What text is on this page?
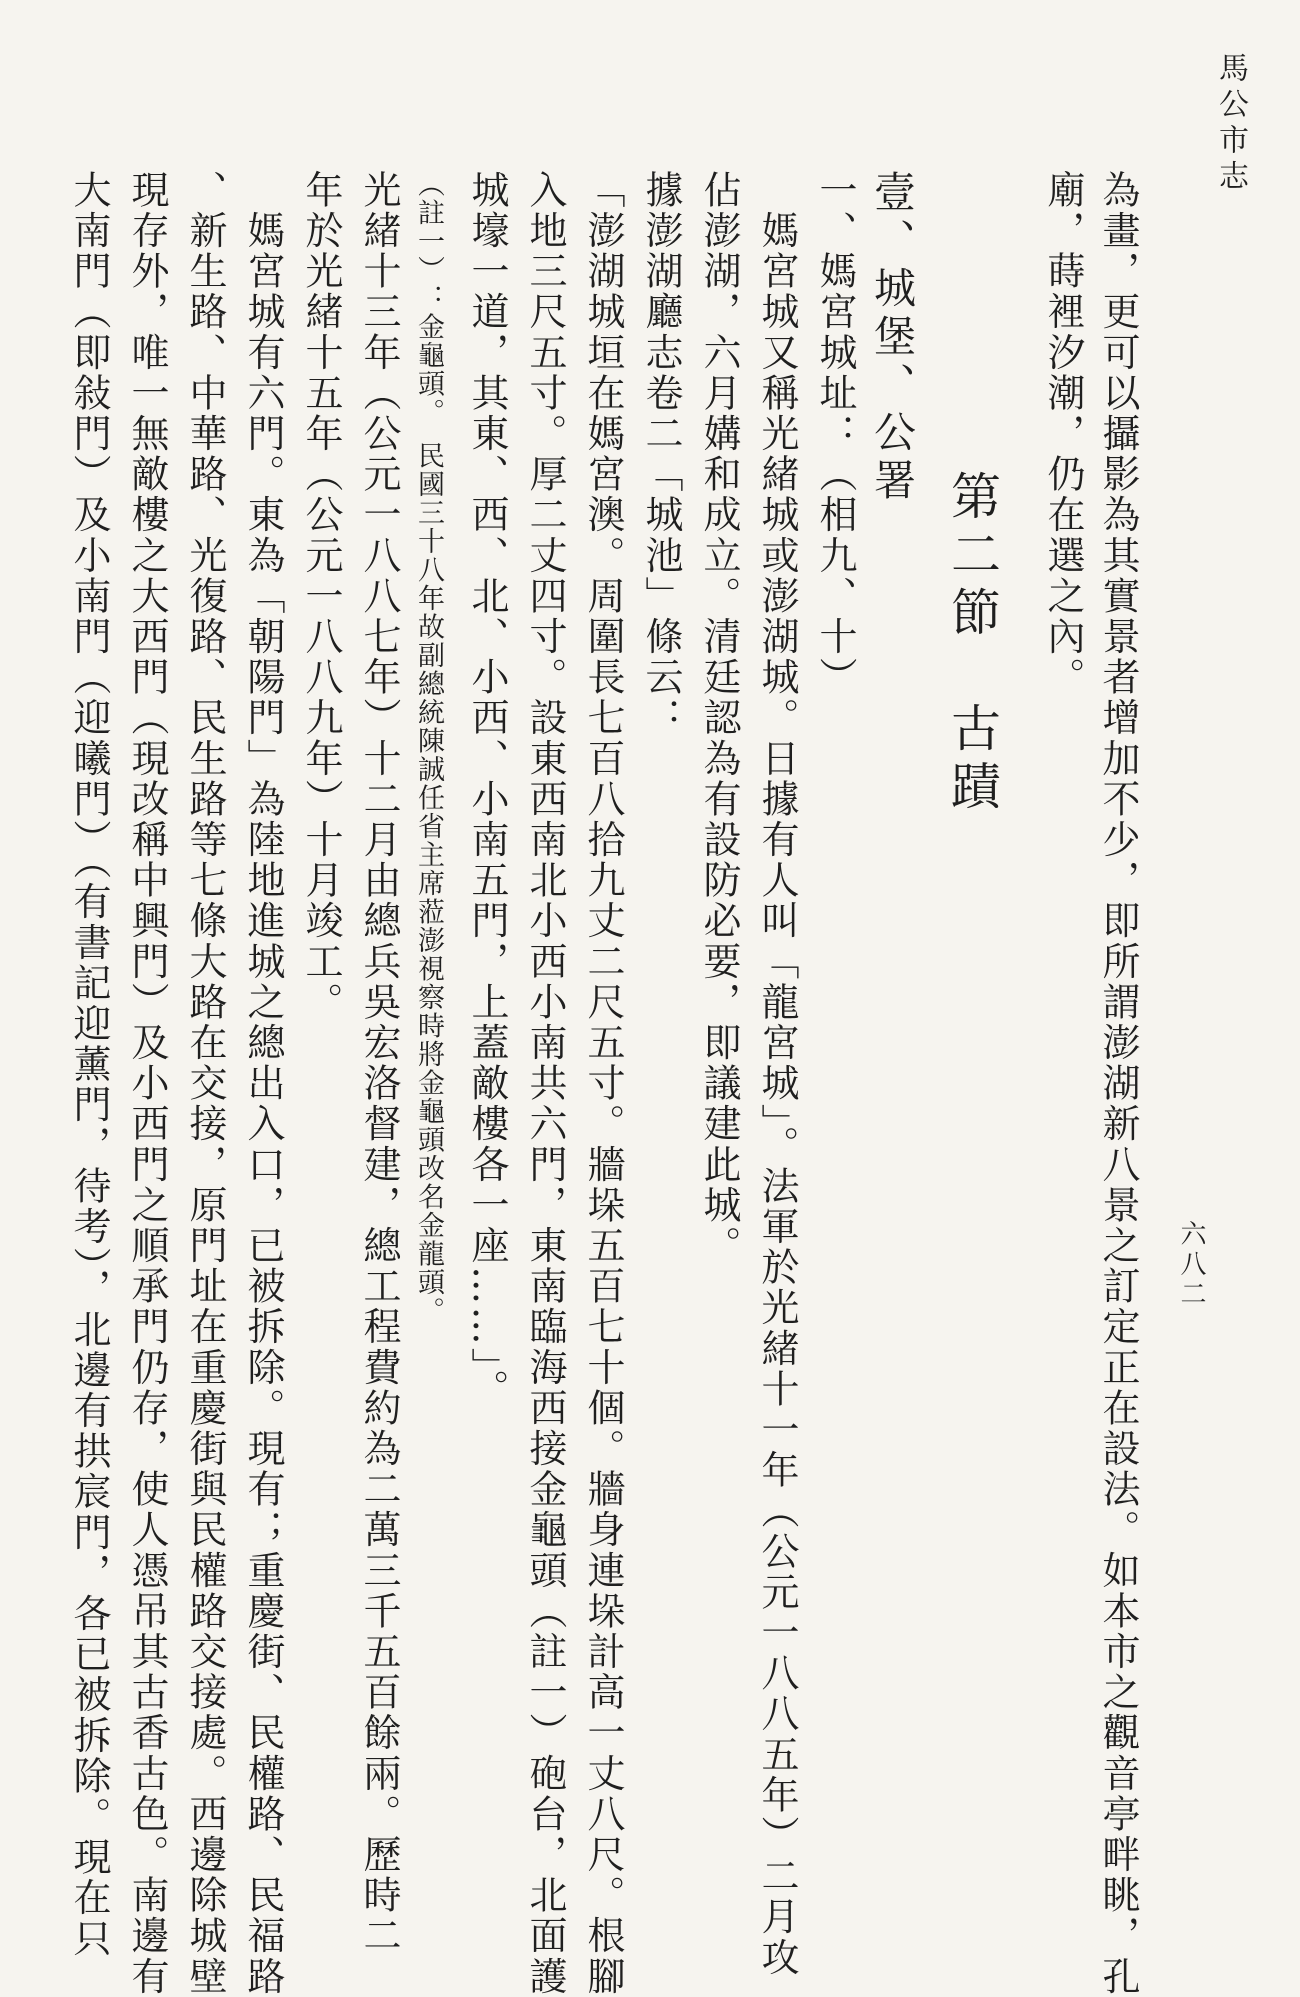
馬公市志
六八二
為畫，更可以攝影為其實景者增加不少，即所謂澎湖新八景之訂定正在設法。如本市之觀音亭畔眺，孔
廟，蒔裡汐潮，仍在選之內。
第二節　古蹟
壹、城堡、公署
一、媽宮城址：（相九、十）
　媽宮城又稱光緒城或澎湖城。日據有人叫「龍宮城」。法軍於光緒十一年（公元一八八五年）二月攻
佔澎湖，六月媾和成立。清廷認為有設防必要，即議建此城。
據澎湖廳志卷二「城池」條云：
「澎湖城垣在媽宮澳。周圍長七百八拾九丈二尺五寸。牆垛五百七十個。牆身連垛計高一丈八尺。根腳
入地三尺五寸。厚二丈四寸。設東西南北小西小南共六門，東南臨海西接金龜頭（註一）砲台，北面護
城壕一道，其東、西、北、小西、小南五門，上蓋敵樓各一座……」。
（註一）：金龜頭。　民國三十八年故副總統陳誠任省主席蒞澎視察時將金龜頭改名金龍頭。
光緒十三年（公元一八八七年）十二月由總兵吳宏洛督建，總工程費約為二萬三千五百餘兩。歷時二
年於光緒十五年（公元一八八九年）十月竣工。
　媽宮城有六門。東為「朝陽門」為陸地進城之總出入口，已被拆除。現有；重慶街、民權路、民福路
、新生路、中華路、光復路、民生路等七條大路在交接，原門址在重慶街與民權路交接處。西邊除城壁
現存外，唯一無敵樓之大西門（現改稱中興門）及小西門之順承門仍存，使人憑吊其古香古色。南邊有
大南門（即敍門）及小南門（迎曦門）（有書記迎薰門，待考），北邊有拱宸門，各已被拆除。現在只
